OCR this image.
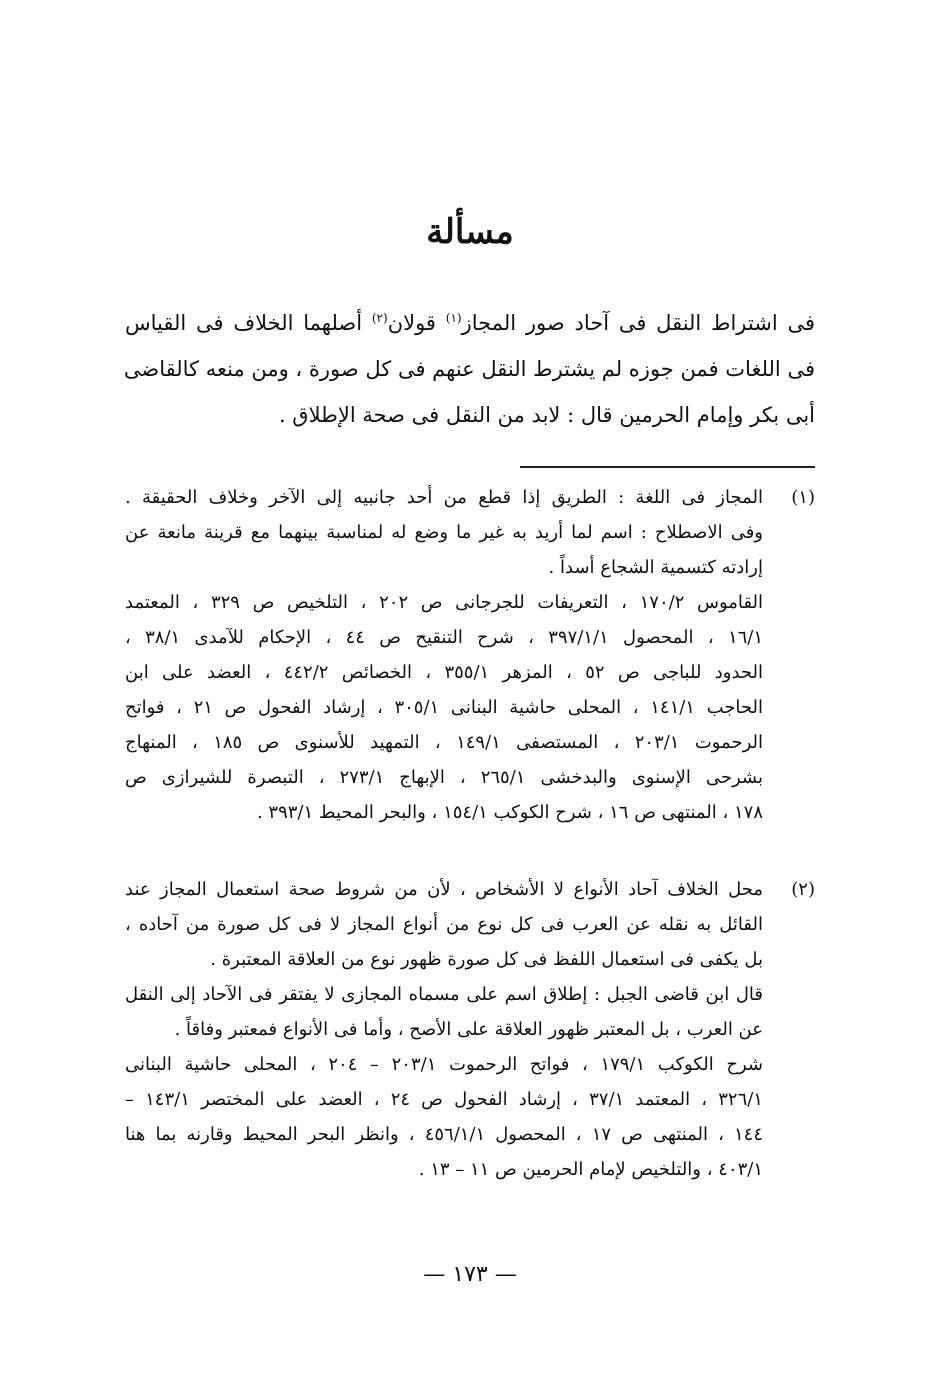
مسألة
فى اشتراط النقل فى آحاد صور المجاز$^{(١)}$ قولان$^{(٢)}$ أصلهما الخلاف فى القياس
فى اللغات فمن جوزه لم يشترط النقل عنهم فى كل صورة ، ومن منعه كالقاضى
أبى بكر وإمام الحرمين قال : لابد من النقل فى صحة الإطلاق .
(١)
المجاز فى اللغة : الطريق إذا قطع من أحد جانبيه إلى الآخر وخلاف الحقيقة .
وفى الاصطلاح : اسم لما أريد به غير ما وضع له لمناسبة بينهما مع قرينة مانعة عن
إرادته كتسمية الشجاع أسداً .
القاموس ١٧٠/٢ ، التعريفات للجرجانى ص ٢٠٢ ، التلخيص ص ٣٢٩ ، المعتمد
١٦/١ ، المحصول ٣٩٧/١/١ ، شرح التنقيح ص ٤٤ ، الإحكام للآمدى ٣٨/١ ،
الحدود للباجى ص ٥٢ ، المزهر ٣٥٥/١ ، الخصائص ٤٤٢/٢ ، العضد على ابن
الحاجب ١٤١/١ ، المحلى حاشية البنانى ٣٠٥/١ ، إرشاد الفحول ص ٢١ ، فواتح
الرحموت ٢٠٣/١ ، المستصفى ١٤٩/١ ، التمهيد للأسنوى ص ١٨٥ ، المنهاج
بشرحى الإسنوى والبدخشى ٢٦٥/١ ، الإبهاج ٢٧٣/١ ، التبصرة للشيرازى ص
١٧٨ ، المنتهى ص ١٦ ، شرح الكوكب ١٥٤/١ ، والبحر المحيط ٣٩٣/١ .
(٢)
محل الخلاف آحاد الأنواع لا الأشخاص ، لأن من شروط صحة استعمال المجاز عند
القائل به نقله عن العرب فى كل نوع من أنواع المجاز لا فى كل صورة من آحاده ،
بل يكفى فى استعمال اللفظ فى كل صورة ظهور نوع من العلاقة المعتبرة .
قال ابن قاضى الجبل : إطلاق اسم على مسماه المجازى لا يفتقر فى الآحاد إلى النقل
عن العرب ، بل المعتبر ظهور العلاقة على الأصح ، وأما فى الأنواع فمعتبر وفاقاً .
شرح الكوكب ١٧٩/١ ، فواتح الرحموت ٢٠٣/١ – ٢٠٤ ، المحلى حاشية البنانى
٣٢٦/١ ، المعتمد ٣٧/١ ، إرشاد الفحول ص ٢٤ ، العضد على المختصر ١٤٣/١ –
١٤٤ ، المنتهى ص ١٧ ، المحصول ٤٥٦/١/١ ، وانظر البحر المحيط وقارنه بما هنا
٤٠٣/١ ، والتلخيص لإمام الحرمين ص ١١ – ١٣ .
— ١٧٣ —
